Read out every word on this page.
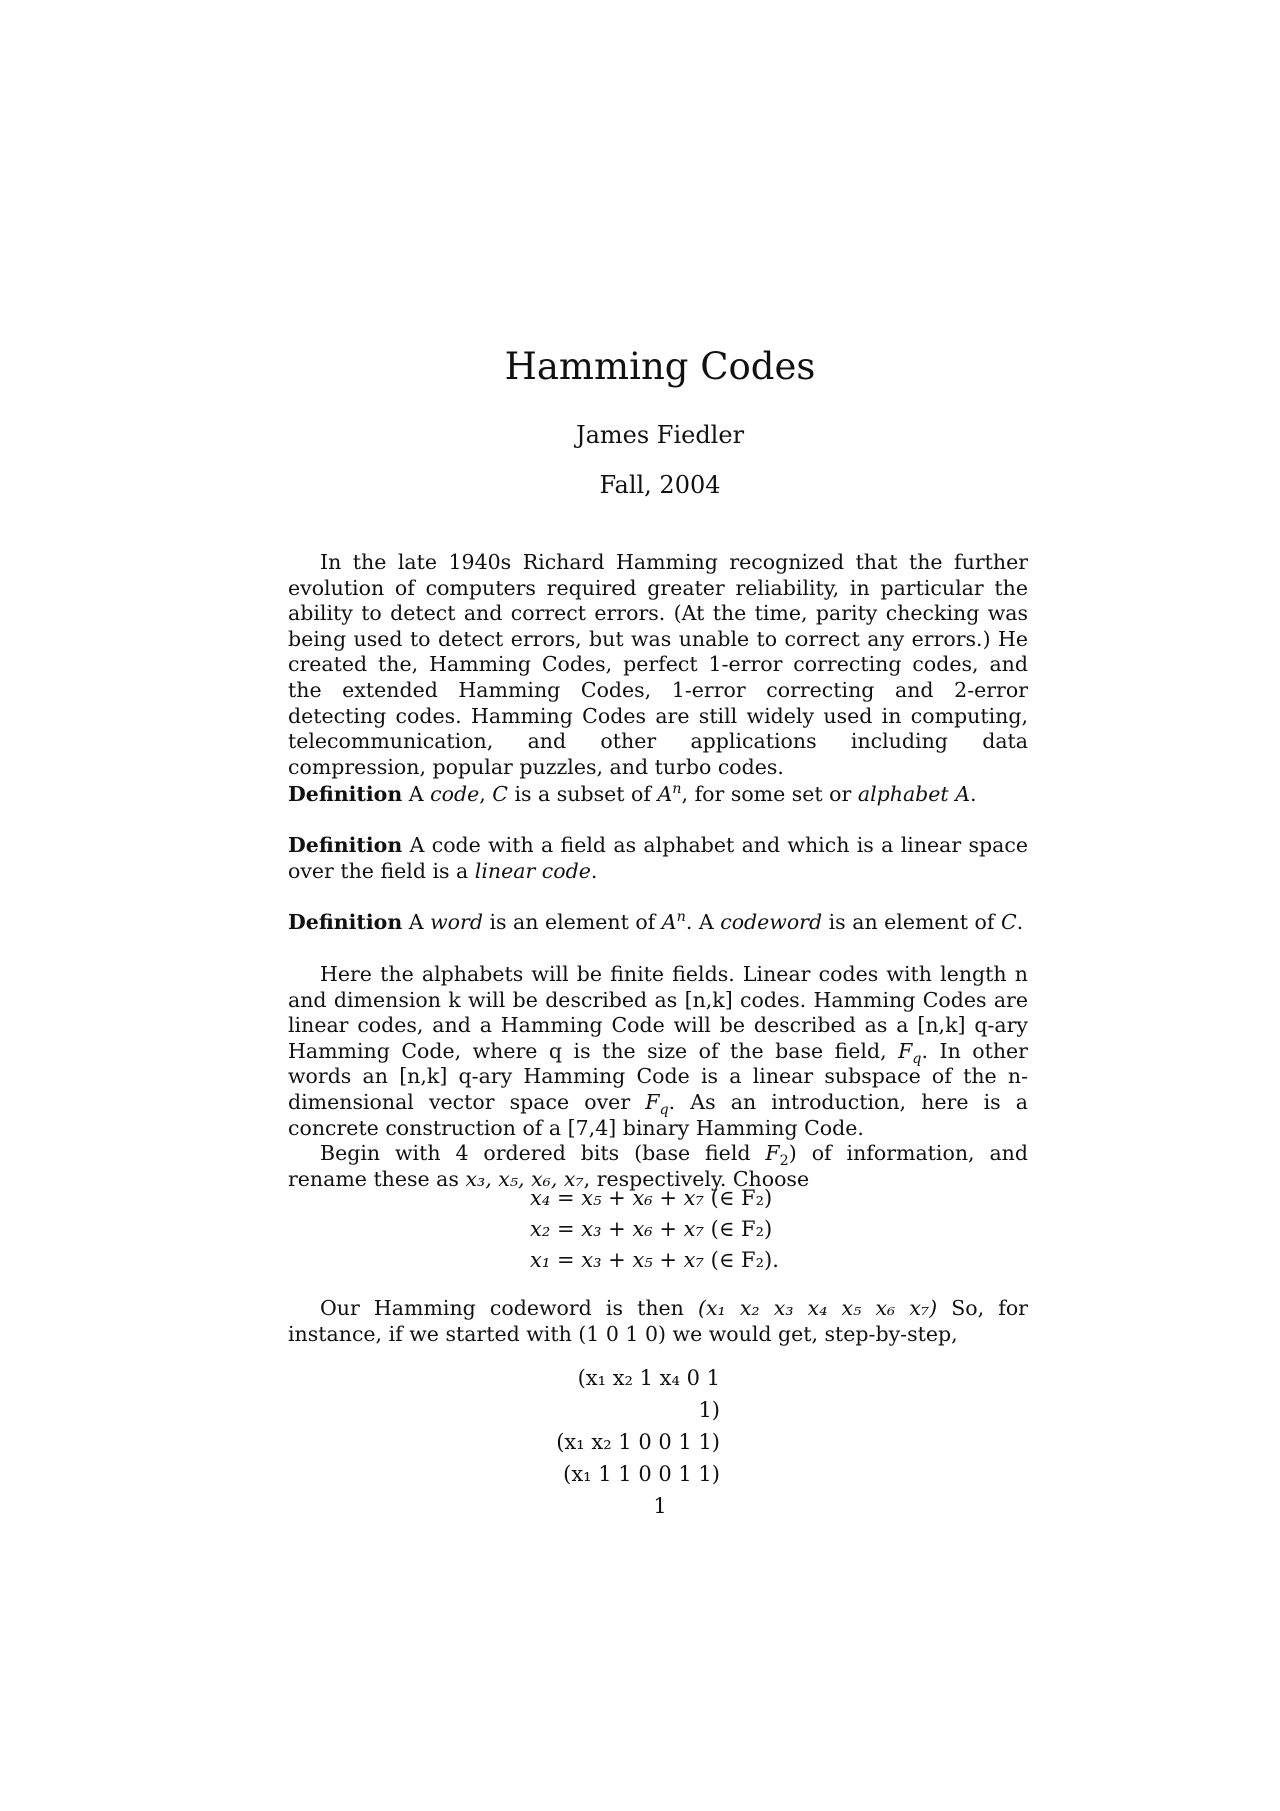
Hamming Codes
James Fiedler
Fall, 2004

In the late 1940s Richard Hamming recognized that the further evolution of computers required greater reliability, in particular the ability to detect and correct errors. (At the time, parity checking was being used to detect errors, but was unable to correct any errors.) He created the, Hamming Codes, perfect 1-error correcting codes, and the extended Hamming Codes, 1-error correcting and 2-error detecting codes. Hamming Codes are still widely used in computing, telecommunication, and other applications including data compression, popular puzzles, and turbo codes.

Definition A code, C is a subset of $A^n$, for some set or alphabet A.

Definition A code with a field as alphabet and which is a linear space over the field is a linear code.

Definition A word is an element of $A^n$. A codeword is an element of C.

Here the alphabets will be finite fields. Linear codes with length n and dimension k will be described as [n,k] codes. Hamming Codes are linear codes, and a Hamming Code will be described as a [n,k] q-ary Hamming Code, where q is the size of the base field, $F_q$. In other words an [n,k] q-ary Hamming Code is a linear subspace of the n-dimensional vector space over $F_q$. As an introduction, here is a concrete construction of a [7,4] binary Hamming Code.

Begin with 4 ordered bits (base field $F_2$) of information, and rename these as x₃, x₅, x₆, x₇, respectively. Choose

x₄ = x₅ + x₆ + x₇ (∈ F₂)
x₂ = x₃ + x₆ + x₇ (∈ F₂)
x₁ = x₃ + x₅ + x₇ (∈ F₂).

Our Hamming codeword is then (x₁ x₂ x₃ x₄ x₅ x₆ x₇) So, for instance, if we started with (1 0 1 0) we would get, step-by-step,

(x₁ x₂ 1 x₄ 0 1 1)
(x₁ x₂ 1 0 0 1 1)
(x₁ 1 1 0 0 1 1)
1
